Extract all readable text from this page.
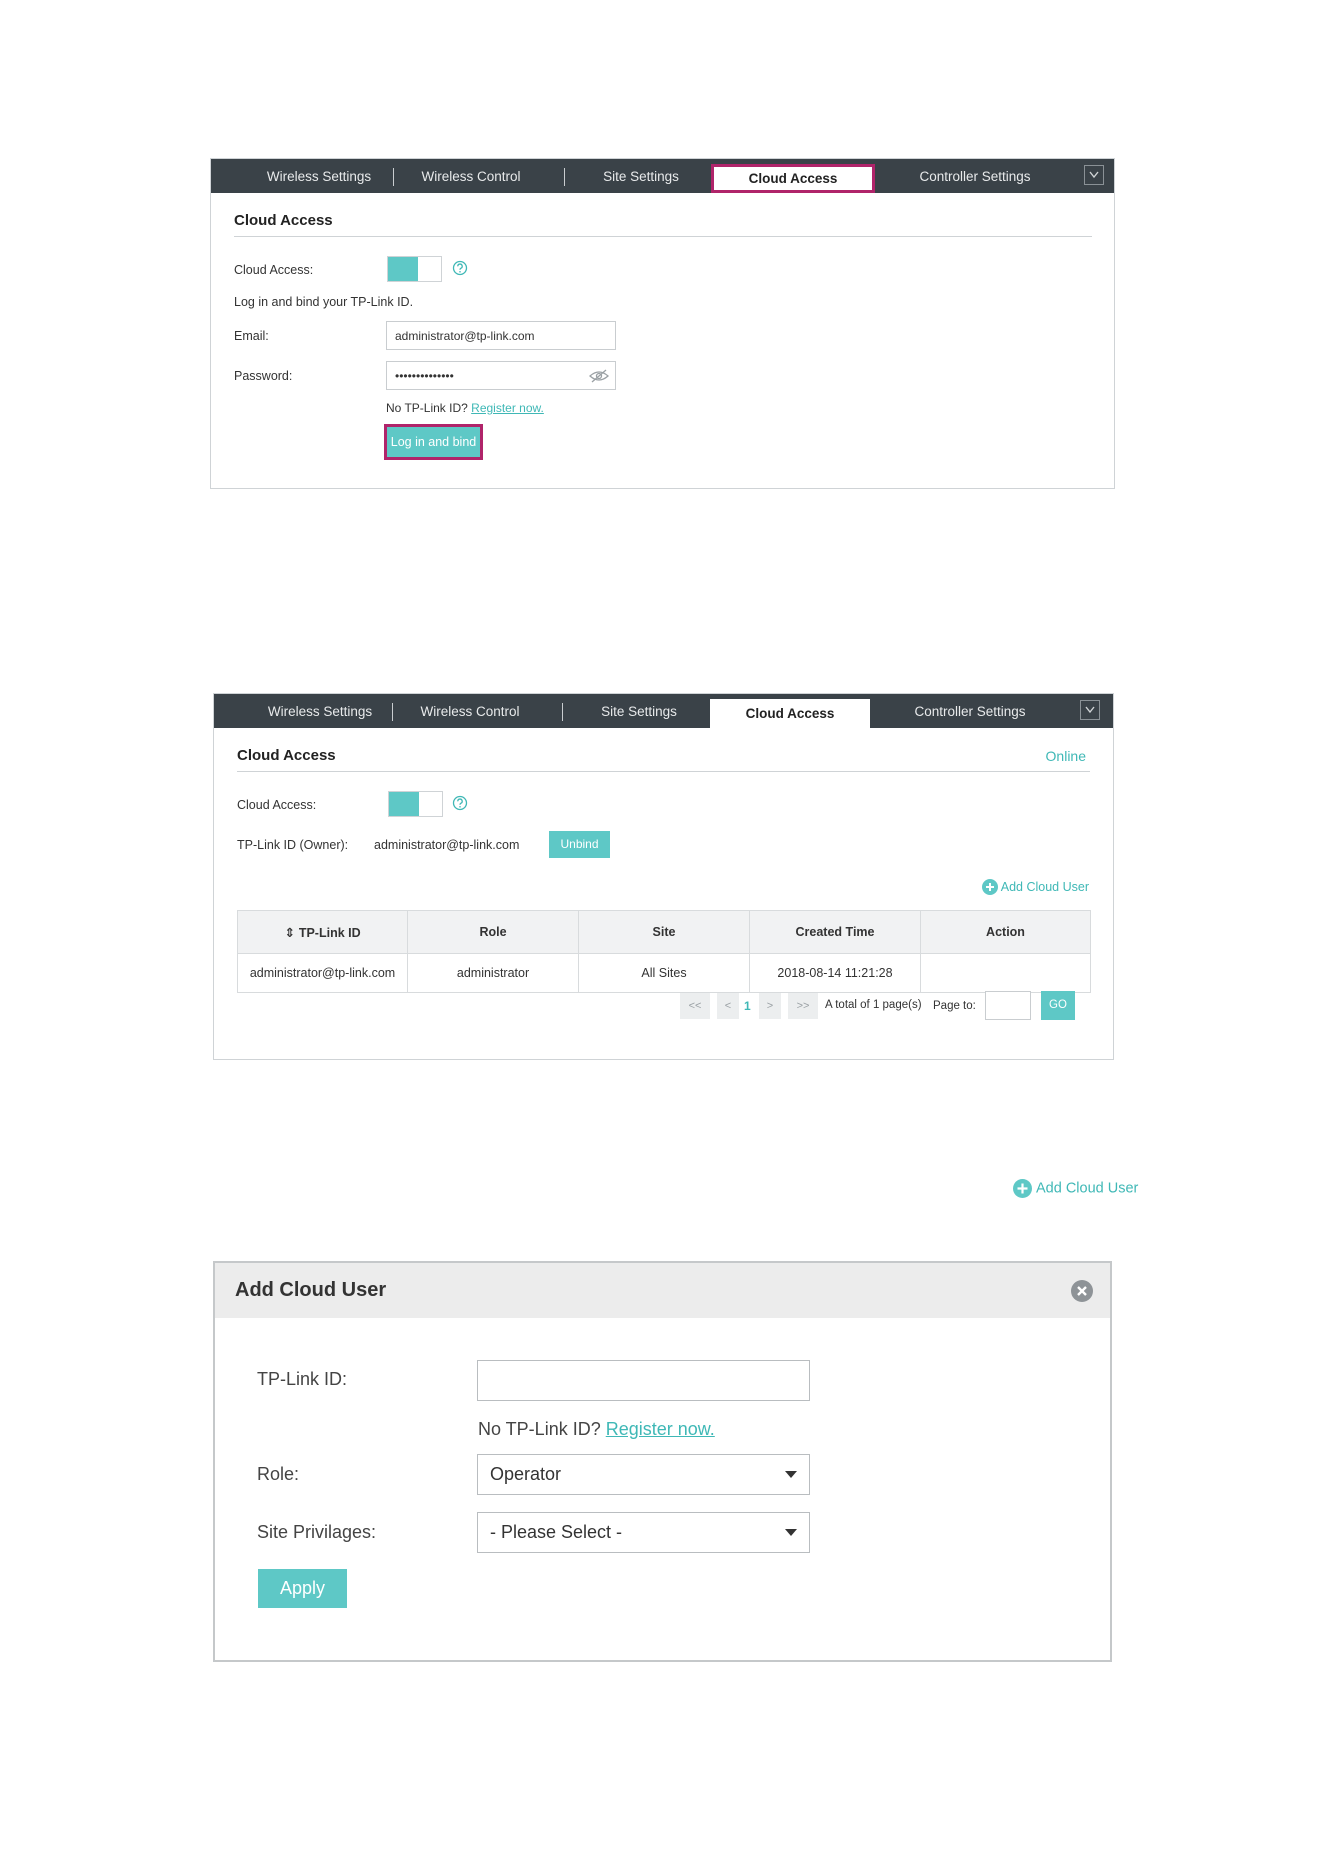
Wireless Settings	Wireless Control	Site Settings	Cloud Access	Controller Settings
Cloud Access
Cloud Access:
Log in and bind your TP-Link ID.
Email:	administrator@tp-link.com
Password:	••••••••••••••
No TP-Link ID? Register now.
Log in and bind
Wireless Settings	Wireless Control	Site Settings	Cloud Access	Controller Settings
Cloud Access	Online
Cloud Access:
TP-Link ID (Owner): administrator@tp-link.com	Unbind
Add Cloud User
⇕ TP-Link ID	Role	Site	Created Time	Action
administrator@tp-link.com	administrator	All Sites	2018-08-14 11:21:28	
<<	<	1	>	>>	A total of 1 page(s) Page to:	GO
Add Cloud User
Add Cloud User
TP-Link ID:
No TP-Link ID? Register now.
Role:	Operator
Site Privilages:	- Please Select -
Apply
